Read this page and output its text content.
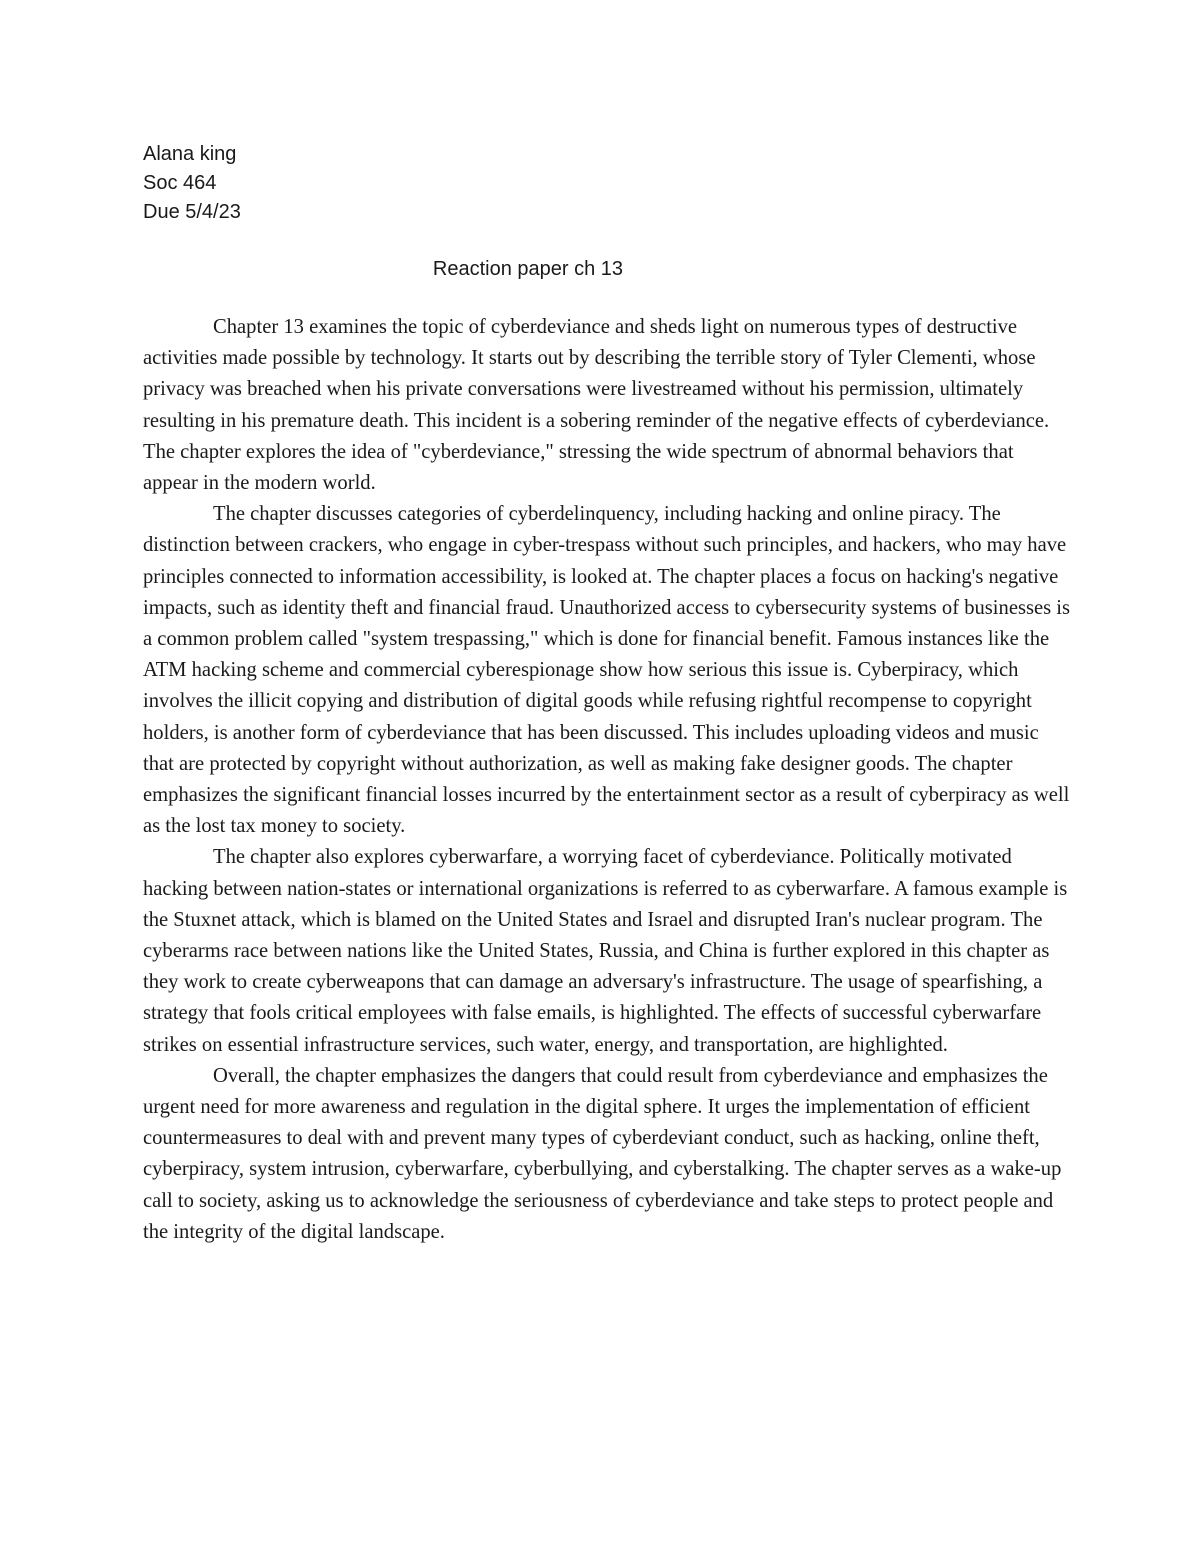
Alana king
Soc 464
Due 5/4/23
Reaction paper ch 13

Chapter 13 examines the topic of cyberdeviance and sheds light on numerous types of destructive activities made possible by technology. It starts out by describing the terrible story of Tyler Clementi, whose privacy was breached when his private conversations were livestreamed without his permission, ultimately resulting in his premature death. This incident is a sobering reminder of the negative effects of cyberdeviance. The chapter explores the idea of "cyberdeviance," stressing the wide spectrum of abnormal behaviors that appear in the modern world.

The chapter discusses categories of cyberdelinquency, including hacking and online piracy. The distinction between crackers, who engage in cyber-trespass without such principles, and hackers, who may have principles connected to information accessibility, is looked at. The chapter places a focus on hacking's negative impacts, such as identity theft and financial fraud. Unauthorized access to cybersecurity systems of businesses is a common problem called "system trespassing," which is done for financial benefit. Famous instances like the ATM hacking scheme and commercial cyberespionage show how serious this issue is. Cyberpiracy, which involves the illicit copying and distribution of digital goods while refusing rightful recompense to copyright holders, is another form of cyberdeviance that has been discussed. This includes uploading videos and music that are protected by copyright without authorization, as well as making fake designer goods. The chapter emphasizes the significant financial losses incurred by the entertainment sector as a result of cyberpiracy as well as the lost tax money to society.

The chapter also explores cyberwarfare, a worrying facet of cyberdeviance. Politically motivated hacking between nation-states or international organizations is referred to as cyberwarfare. A famous example is the Stuxnet attack, which is blamed on the United States and Israel and disrupted Iran's nuclear program. The cyberarms race between nations like the United States, Russia, and China is further explored in this chapter as they work to create cyberweapons that can damage an adversary's infrastructure. The usage of spearfishing, a strategy that fools critical employees with false emails, is highlighted. The effects of successful cyberwarfare strikes on essential infrastructure services, such water, energy, and transportation, are highlighted.

Overall, the chapter emphasizes the dangers that could result from cyberdeviance and emphasizes the urgent need for more awareness and regulation in the digital sphere. It urges the implementation of efficient countermeasures to deal with and prevent many types of cyberdeviant conduct, such as hacking, online theft, cyberpiracy, system intrusion, cyberwarfare, cyberbullying, and cyberstalking. The chapter serves as a wake-up call to society, asking us to acknowledge the seriousness of cyberdeviance and take steps to protect people and the integrity of the digital landscape.
